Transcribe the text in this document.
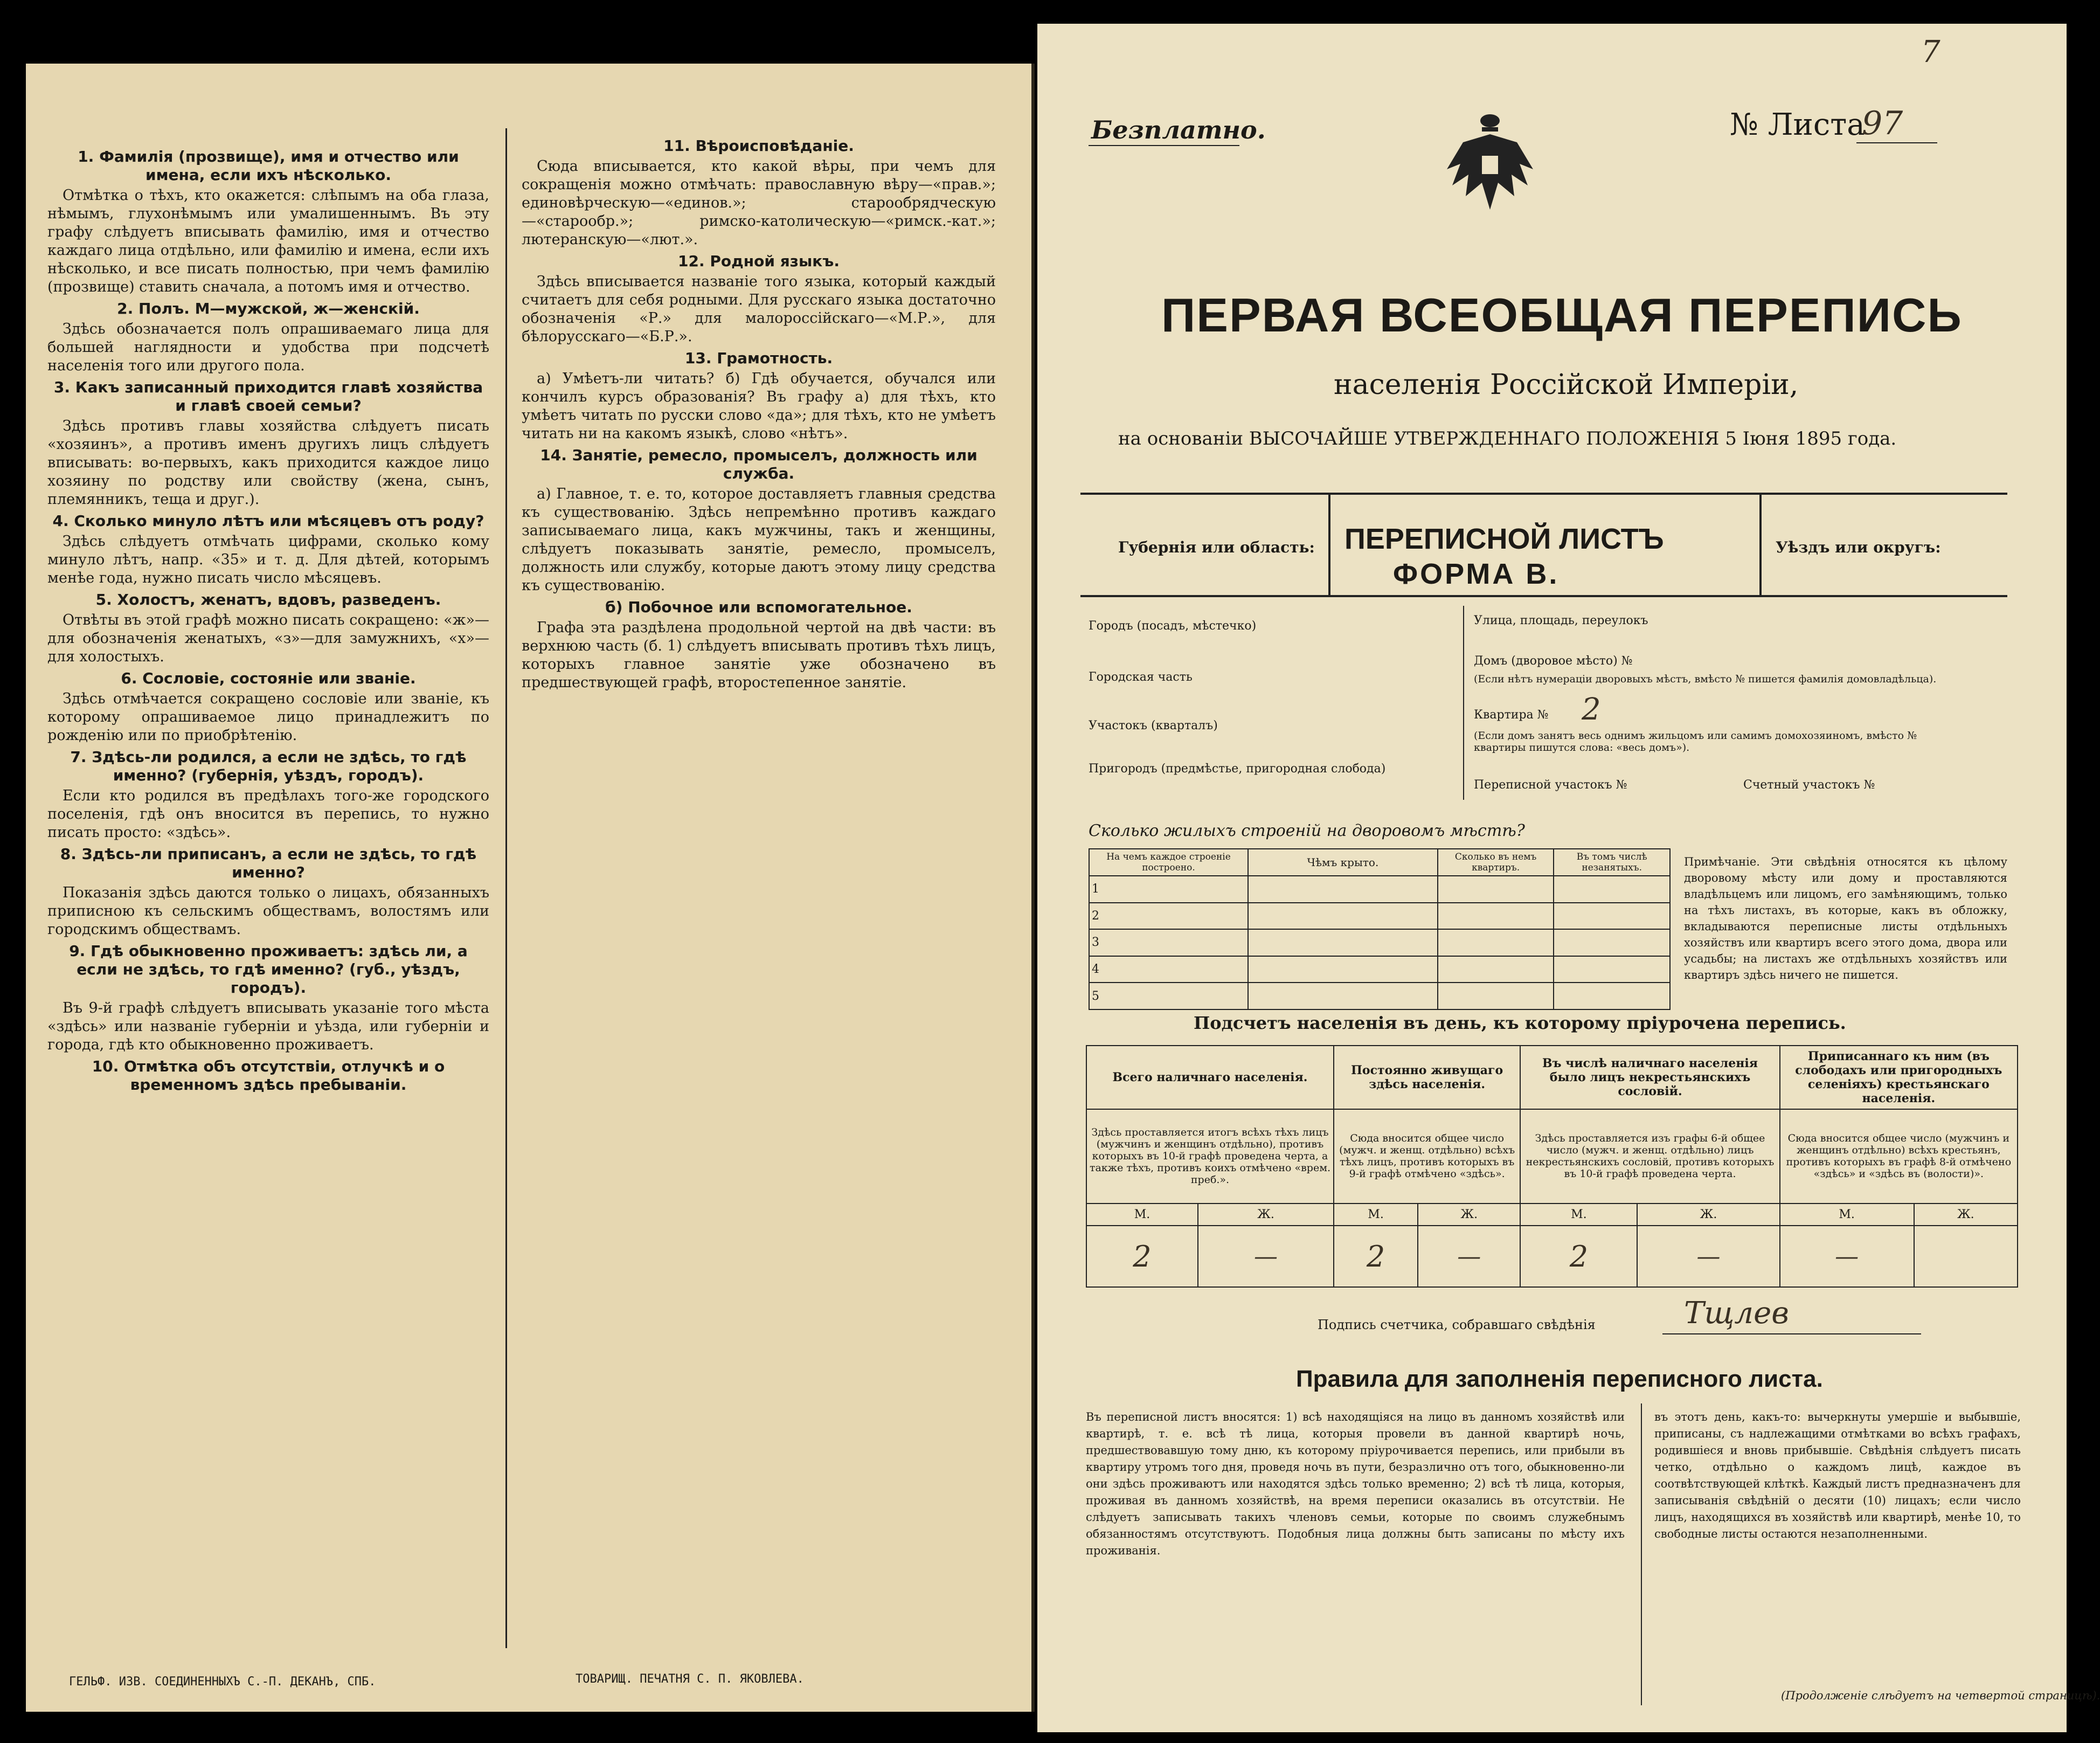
1. Фамилія (прозвище), имя и отчество или имена, если ихъ нѣсколько.

Отмѣтка о тѣхъ, кто окажется: слѣпымъ на оба глаза, нѣмымъ, глухонѣмымъ или умалишеннымъ. Въ эту графу слѣдуетъ вписывать фамилію, имя и отчество каждаго лица отдѣльно, или фамилію и имена, если ихъ нѣсколько, и все писать полностью, при чемъ фамилію (прозвище) ставить сначала, а потомъ имя и отчество.

2. Полъ. М—мужской, ж—женскій.

Здѣсь обозначается полъ опрашиваемаго лица для большей наглядности и удобства при подсчетѣ населенія того или другого пола.

3. Какъ записанный приходится главѣ хозяйства и главѣ своей семьи?

Здѣсь противъ главы хозяйства слѣдуетъ писать «хозяинъ», а противъ именъ другихъ лицъ слѣдуетъ вписывать: во-первыхъ, какъ приходится каждое лицо хозяину по родству или свойству (жена, сынъ, племянникъ, теща и друг.).

4. Сколько минуло лѣтъ или мѣсяцевъ отъ роду?

Здѣсь слѣдуетъ отмѣчать цифрами, сколько кому минуло лѣтъ, напр. «35» и т. д. Для дѣтей, которымъ менѣе года, нужно писать число мѣсяцевъ.

5. Холостъ, женатъ, вдовъ, разведенъ.

Отвѣты въ этой графѣ можно писать сокращено: «ж»—для обозначенія женатыхъ, «з»—для замужнихъ, «х»—для холостыхъ.

6. Сословіе, состояніе или званіе.

Здѣсь отмѣчается сокращено сословіе или званіе, къ которому опрашиваемое лицо принадлежитъ по рожденію или по приобрѣтенію.

7. Здѣсь-ли родился, а если не здѣсь, то гдѣ именно? (губернія, уѣздъ, городъ).

Если кто родился въ предѣлахъ того-же городского поселенія, гдѣ онъ вносится въ перепись, то нужно писать просто: «здѣсь».

8. Здѣсь-ли приписанъ, а если не здѣсь, то гдѣ именно?

Показанія здѣсь даются только о лицахъ, обязанныхъ приписною къ сельскимъ обществамъ, волостямъ или городскимъ обществамъ.

9. Гдѣ обыкновенно проживаетъ: здѣсь ли, а если не здѣсь, то гдѣ именно? (губ., уѣздъ, городъ).

Въ 9-й графѣ слѣдуетъ вписывать указаніе того мѣста «здѣсь» или названіе губерніи и уѣзда, или губерніи и города, гдѣ кто обыкновенно проживаетъ.

10. Отмѣтка объ отсутствіи, отлучкѣ и о временномъ здѣсь пребываніи.
11. Вѣроисповѣданіе.

Сюда вписывается, кто какой вѣры, при чемъ для сокращенія можно отмѣчать: православную вѣру—«прав.»; единовѣрческую—«единов.»; старообрядческую—«старообр.»; римско-католическую—«римск.-кат.»; лютеранскую—«лют.».

12. Родной языкъ.

Здѣсь вписывается названіе того языка, который каждый считаетъ для себя родными. Для русскаго языка достаточно обозначенія «Р.» для малороссійскаго—«М.Р.», для бѣлорусскаго—«Б.Р.».

13. Грамотность.

а) Умѣетъ-ли читать? б) Гдѣ обучается, обучался или кончилъ курсъ образованія? Въ графу а) для тѣхъ, кто умѣетъ читать по русски слово «да»; для тѣхъ, кто не умѣетъ читать ни на какомъ языкѣ, слово «нѣтъ».

14. Занятіе, ремесло, промыселъ, должность или служба.

а) Главное, т. е. то, которое доставляетъ главныя средства къ существованію. Здѣсь непремѣнно противъ каждаго записываемаго лица, какъ мужчины, такъ и женщины, слѣдуетъ показывать занятіе, ремесло, промыселъ, должность или службу, которые даютъ этому лицу средства къ существованію.

б) Побочное или вспомогательное.

Графа эта раздѣлена продольной чертой на двѣ части: въ верхнюю часть (б. 1) слѣдуетъ вписывать противъ тѣхъ лицъ, которыхъ главное занятіе уже обозначено въ предшествующей графѣ, второстепенное занятіе.

ГЕЛЬФ. ИЗВ. СОЕДИНЕННЫХЪ С.-П. ДЕКАНЪ, СПБ.	ТОВАРИЩ. ПЕЧАТНЯ С. П. ЯКОВЛЕВА.
Безплатно.	№ Листа
97
7
ПЕРВАЯ ВСЕОБЩАЯ ПЕРЕПИСЬ
населенія Россійской Имперіи,
на основаніи ВЫСОЧАЙШЕ УТВЕРЖДЕННАГО ПОЛОЖЕНІЯ 5 Іюня 1895 года.
Губернія или область: ПЕРЕПИСНОЙ ЛИСТЪ
ФОРМА В.
Уѣздъ или округъ:
Городъ (посадъ, мѣстечко)
Городская часть
Участокъ (кварталъ)
Пригородъ (предмѣстье, пригородная слобода)
Улица, площадь, переулокъ
Домъ (дворовое мѣсто) №
(Если нѣтъ нумераціи дворовыхъ мѣстъ, вмѣсто № пишется фамилія домовладѣльца).
Квартира № 2
(Если домъ занятъ весь однимъ жильцомъ или самимъ домохозяиномъ, вмѣсто № квартиры пишутся слова: «весь домъ»).
Переписной участокъ №	Счетный участокъ №
Сколько жилыхъ строеній на дворовомъ мѣстѣ?
На чемъ каждое строеніе построено.	Чѣмъ крыто.	Сколько въ немъ квартиръ.	Въ томъ числѣ незанятыхъ.
1			
2			
3			
4			
5			
Примѣчаніе. Эти свѣдѣнія относятся къ цѣлому дворовому мѣсту или дому и проставляются владѣльцемъ или лицомъ, его замѣняющимъ, только на тѣхъ листахъ, въ которые, какъ въ обложку, вкладываются переписные листы отдѣльныхъ хозяйствъ или квартиръ всего этого дома, двора или усадьбы; на листахъ же отдѣльныхъ хозяйствъ или квартиръ здѣсь ничего не пишется.
Подсчетъ населенія въ день, къ которому пріурочена перепись.
Всего наличнаго населенія.		Постоянно живущаго здѣсь населенія.		Въ числѣ наличнаго населенія было лицъ некрестьянскихъ сословій.		Приписаннаго къ ним (въ слободахъ или пригородныхъ селеніяхъ) крестьянскаго населенія.	
Здѣсь проставляется итогъ всѣхъ тѣхъ лицъ (мужчинъ и женщинъ отдѣльно), противъ которыхъ въ 10-й графѣ проведена черта, а также тѣхъ, противъ коихъ отмѣчено «врем. преб.».		Сюда вносится общее число (мужч. и женщ. отдѣльно) всѣхъ тѣхъ лицъ, противъ которыхъ въ 9-й графѣ отмѣчено «здѣсь».		Здѣсь проставляется изъ графы 6-й общее число (мужч. и женщ. отдѣльно) лицъ некрестьянскихъ сословій, противъ которыхъ въ 10-й графѣ проведена черта.		Сюда вносится общее число (мужчинъ и женщинъ отдѣльно) всѣхъ крестьянъ, противъ которыхъ въ графѣ 8-й отмѣчено «здѣсь» и «здѣсь въ (волости)».	
М.	Ж.	М.	Ж.	М.	Ж.	М.	Ж.
2	—	2	—	2	—	—	
Подпись счетчика, собравшаго свѣдѣнія	Тщлев
Правила для заполненія переписного листа.
Въ переписной листъ вносятся: 1) всѣ находящіяся на лицо въ данномъ хозяйствѣ или квартирѣ, т. е. всѣ тѣ лица, которыя провели въ данной квартирѣ ночь, предшествовавшую тому дню, къ которому пріурочивается перепись, или прибыли въ квартиру утромъ того дня, проведя ночь въ пути, безразлично отъ того, обыкновенно-ли они здѣсь проживаютъ или находятся здѣсь только временно; 2) всѣ тѣ лица, которыя, проживая въ данномъ хозяйствѣ, на время переписи оказались въ отсутствіи. Не слѣдуетъ записывать такихъ членовъ семьи, которые по своимъ служебнымъ обязанностямъ отсутствуютъ. Подобныя лица должны быть записаны по мѣсту ихъ проживанія.
въ этотъ день, какъ-то: вычеркнуты умершіе и выбывшіе, приписаны, съ надлежащими отмѣтками во всѣхъ графахъ, родившіеся и вновь прибывшіе. Свѣдѣнія слѣдуетъ писать четко, отдѣльно о каждомъ лицѣ, каждое въ соотвѣтствующей клѣткѣ. Каждый листъ предназначенъ для записыванія свѣдѣній о десяти (10) лицахъ; если число лицъ, находящихся въ хозяйствѣ или квартирѣ, менѣе 10, то свободные листы остаются незаполненными.
(Продолженіе слѣдуетъ на четвертой страницѣ).
